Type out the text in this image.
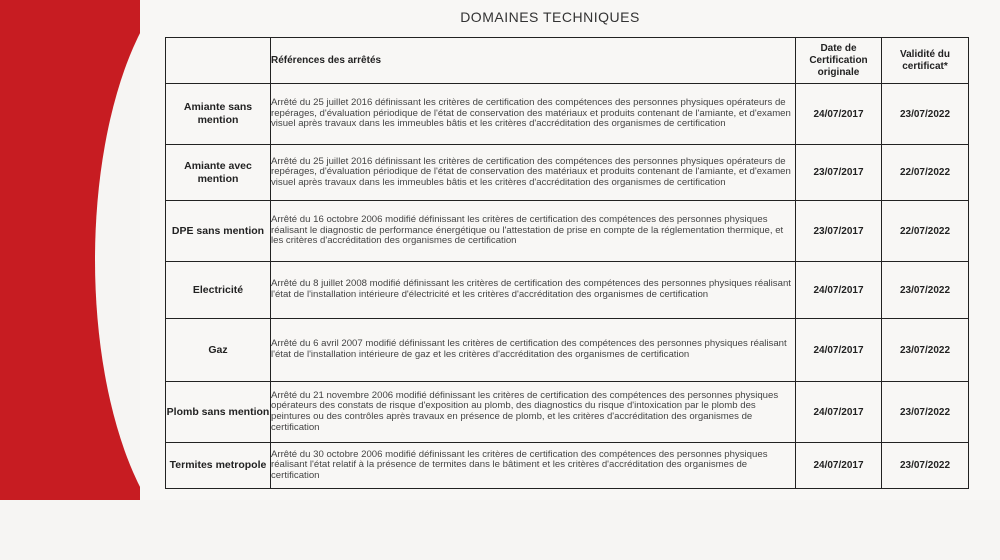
DOMAINES TECHNIQUES
	Références des arrêtés	Date de Certification originale	Validité du certificat*
Amiante sans mention	Arrêté du 25 juillet 2016 définissant les critères de certification des compétences des personnes physiques opérateurs de repérages, d'évaluation périodique de l'état de conservation des matériaux et produits contenant de l'amiante, et d'examen visuel après travaux dans les immeubles bâtis et les critères d'accréditation des organismes de certification	24/07/2017	23/07/2022
Amiante avec mention	Arrêté du 25 juillet 2016 définissant les critères de certification des compétences des personnes physiques opérateurs de repérages, d'évaluation périodique de l'état de conservation des matériaux et produits contenant de l'amiante, et d'examen visuel après travaux dans les immeubles bâtis et les critères d'accréditation des organismes de certification	23/07/2017	22/07/2022
DPE sans mention	Arrêté du 16 octobre 2006 modifié définissant les critères de certification des compétences des personnes physiques réalisant le diagnostic de performance énergétique ou l'attestation de prise en compte de la réglementation thermique, et les critères d'accréditation des organismes de certification	23/07/2017	22/07/2022
Electricité	Arrêté du 8 juillet 2008 modifié définissant les critères de certification des compétences des personnes physiques réalisant l'état de l'installation intérieure d'électricité et les critères d'accréditation des organismes de certification	24/07/2017	23/07/2022
Gaz	Arrêté du 6 avril 2007 modifié définissant les critères de certification des compétences des personnes physiques réalisant l'état de l'installation intérieure de gaz et les critères d'accréditation des organismes de certification	24/07/2017	23/07/2022
Plomb sans mention	Arrêté du 21 novembre 2006 modifié définissant les critères de certification des compétences des personnes physiques opérateurs des constats de risque d'exposition au plomb, des diagnostics du risque d'intoxication par le plomb des peintures ou des contrôles après travaux en présence de plomb, et les critères d'accréditation des organismes de certification	24/07/2017	23/07/2022
Termites metropole	Arrêté du 30 octobre 2006 modifié définissant les critères de certification des compétences des personnes physiques réalisant l'état relatif à la présence de termites dans le bâtiment et les critères d'accréditation des organismes de certification	24/07/2017	23/07/2022
